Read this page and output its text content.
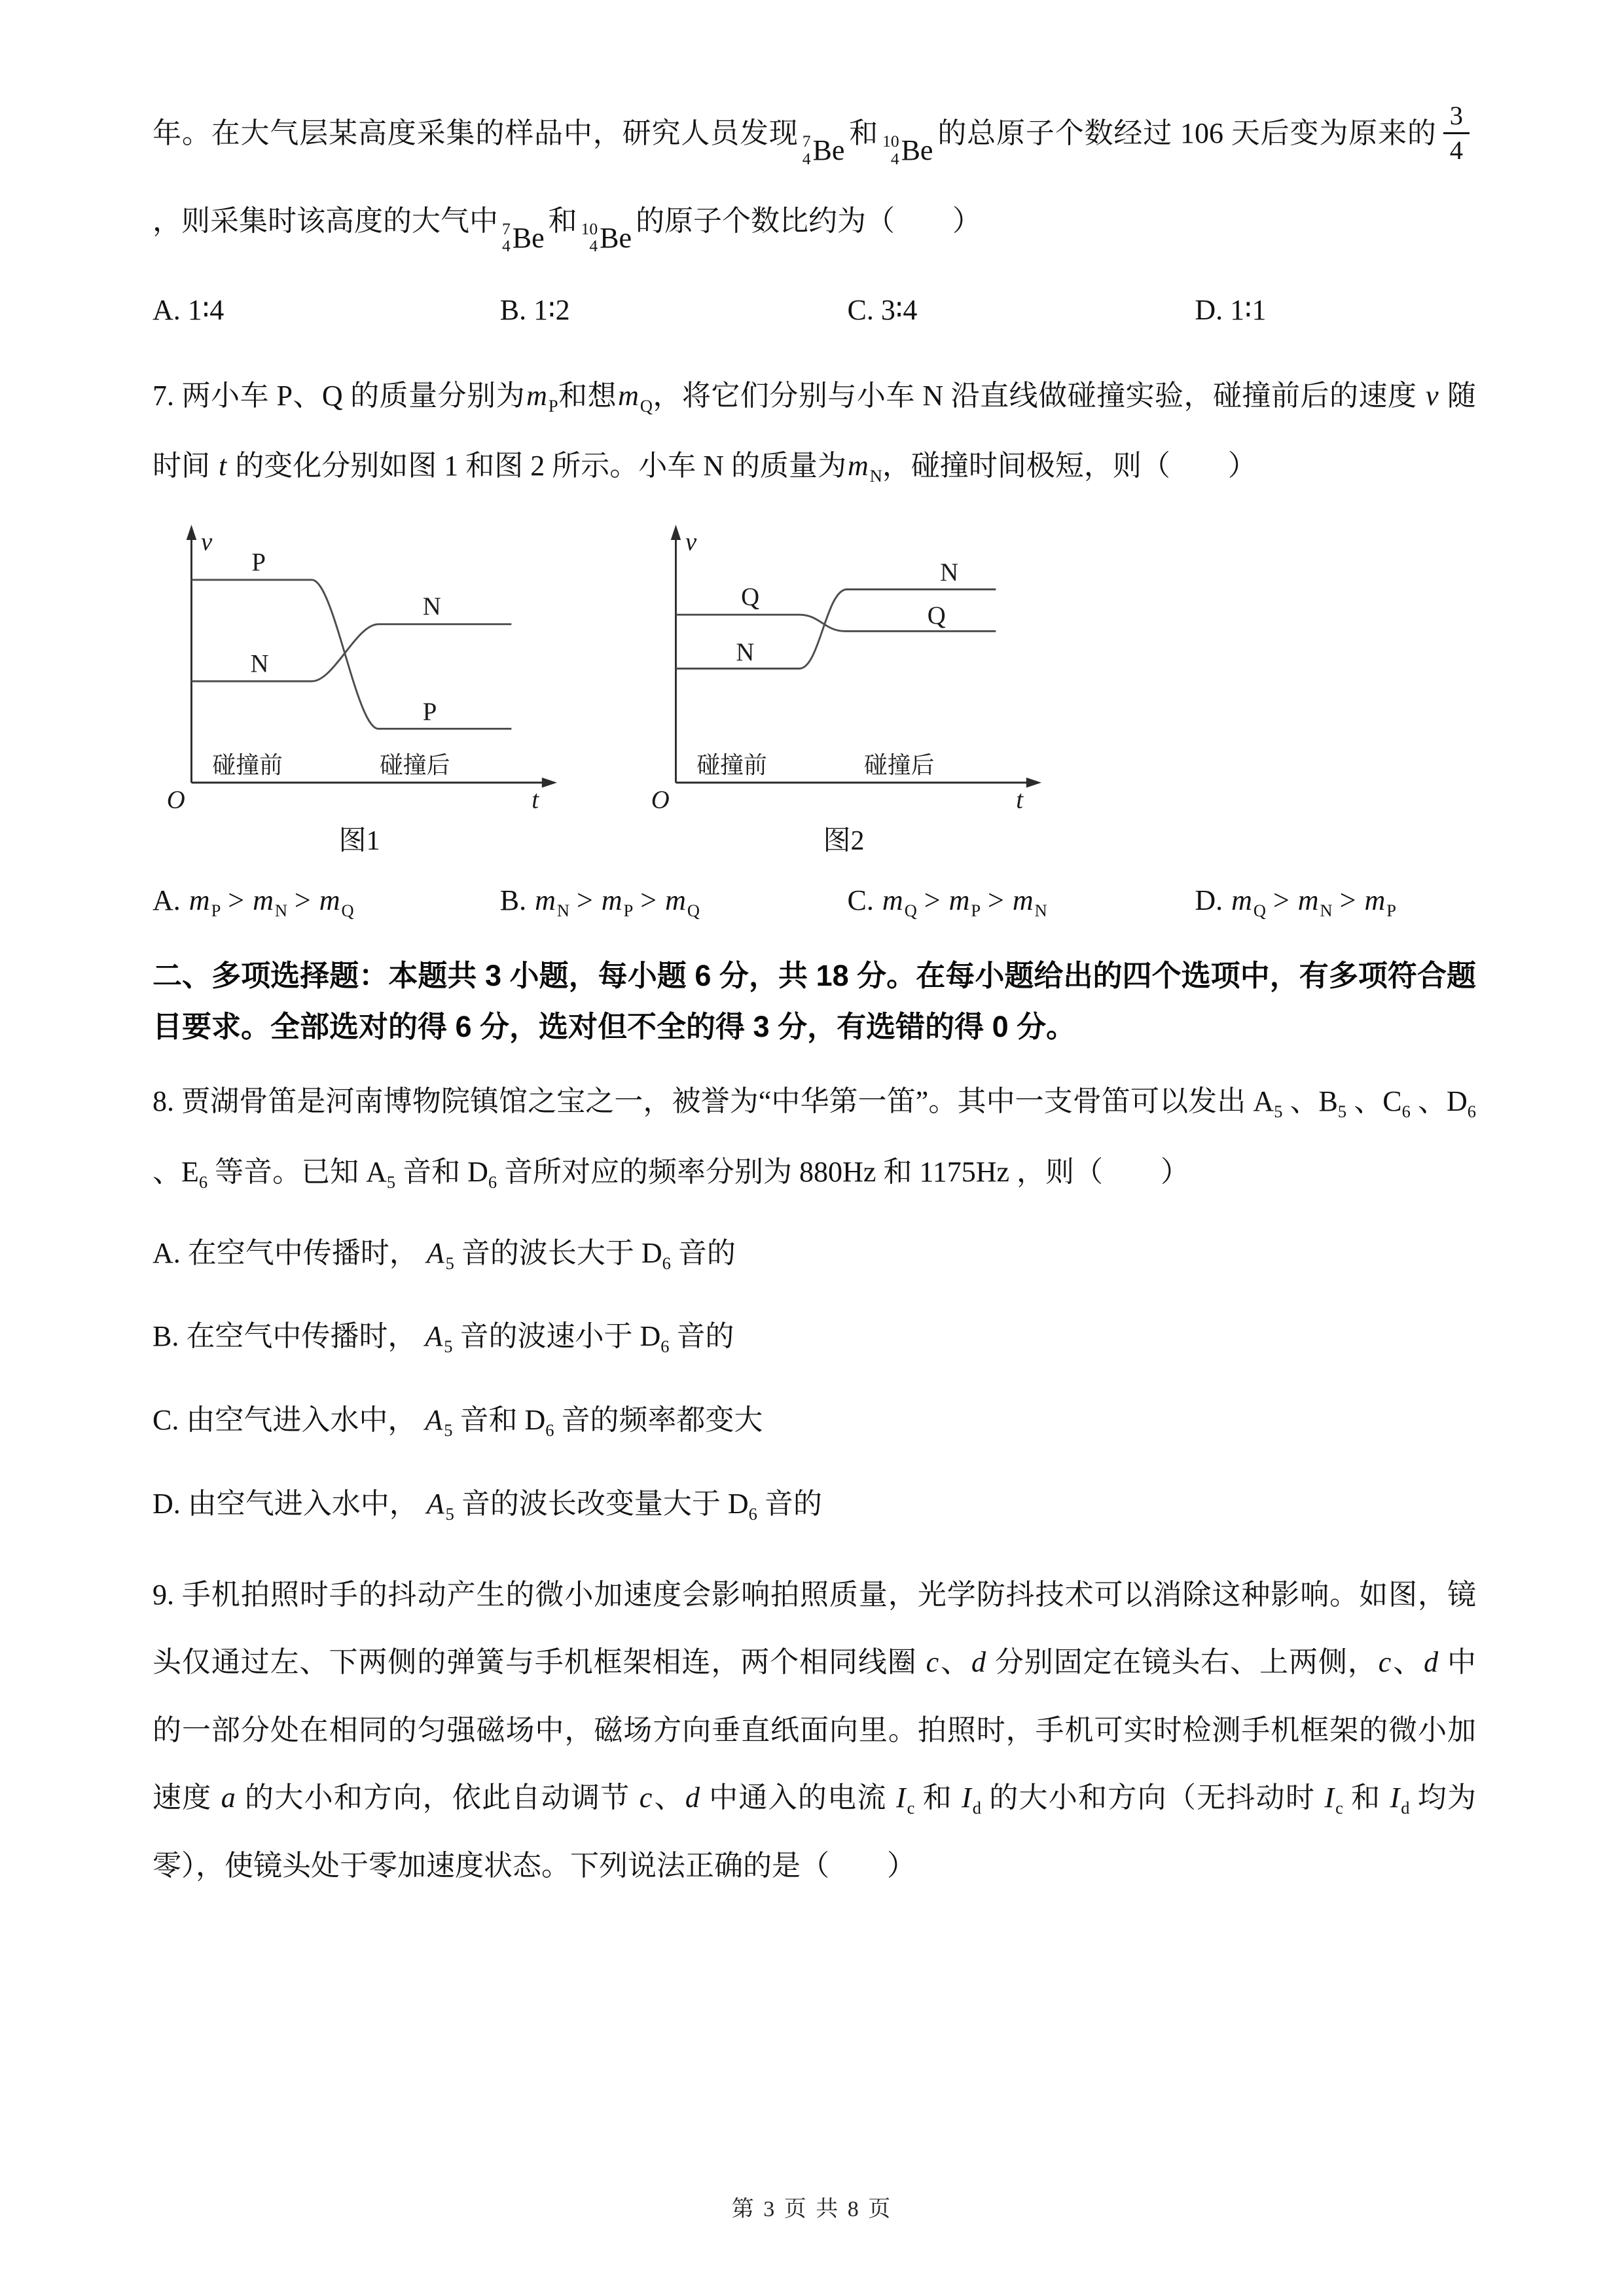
年。在大气层某高度采集的样品中，研究人员发现 7
4 Be
和 10
4 Be
的总原子个数经过 106 天后变为原来的 $\frac{3}{4}$
，则采集时该高度的大气中 7
4 Be
和 10
4 Be
的原子个数比约为（　　）

A. 1∶4	B. 1∶2	C. 3∶4	D. 1∶1

7. 两小车 P、Q 的质量分别为$m_P$和想$m_Q$，将它们分别与小车 N 沿直线做碰撞实验，碰撞前后的速度 v 随时间 t 的变化分别如图 1 和图 2 所示。小车 N 的质量为$m_N$，碰撞时间极短，则（　　）

v
t
O
P
N
N
P
碰撞前	碰撞后
图1
v
t
O
Q
N
N
Q
碰撞前	碰撞后
图2
A. $m_P > m_N > m_Q$	B. $m_N > m_P > m_Q$	C. $m_Q > m_P > m_N$	D. $m_Q > m_N > m_P$

二、多项选择题：本题共 3 小题，每小题 6 分，共 18 分。在每小题给出的四个选项中，有多项符合题目要求。全部选对的得 6 分，选对但不全的得 3 分，有选错的得 0 分。

8. 贾湖骨笛是河南博物院镇馆之宝之一，被誉为“中华第一笛”。其中一支骨笛可以发出 $A_5$ 、$B_5$ 、$C_6$ 、$D_6$ 、$E_6$ 等音。已知 $A_5$ 音和 $D_6$ 音所对应的频率分别为 880Hz 和 1175Hz ，则（　　）

A. 在空气中传播时， $A_5$ 音的波长大于 $D_6$ 音的

B. 在空气中传播时， $A_5$ 音的波速小于 $D_6$ 音的

C. 由空气进入水中， $A_5$ 音和 $D_6$ 音的频率都变大

D. 由空气进入水中， $A_5$ 音的波长改变量大于 $D_6$ 音的

9. 手机拍照时手的抖动产生的微小加速度会影响拍照质量，光学防抖技术可以消除这种影响。如图，镜头仅通过左、下两侧的弹簧与手机框架相连，两个相同线圈 c、d 分别固定在镜头右、上两侧，c、d 中的一部分处在相同的匀强磁场中，磁场方向垂直纸面向里。拍照时，手机可实时检测手机框架的微小加速度 a 的大小和方向，依此自动调节 c、d 中通入的电流 $I_c$ 和 $I_d$ 的大小和方向（无抖动时 $I_c$ 和 $I_d$ 均为零），使镜头处于零加速度状态。下列说法正确的是（　　）

第 3 页 共 8 页
